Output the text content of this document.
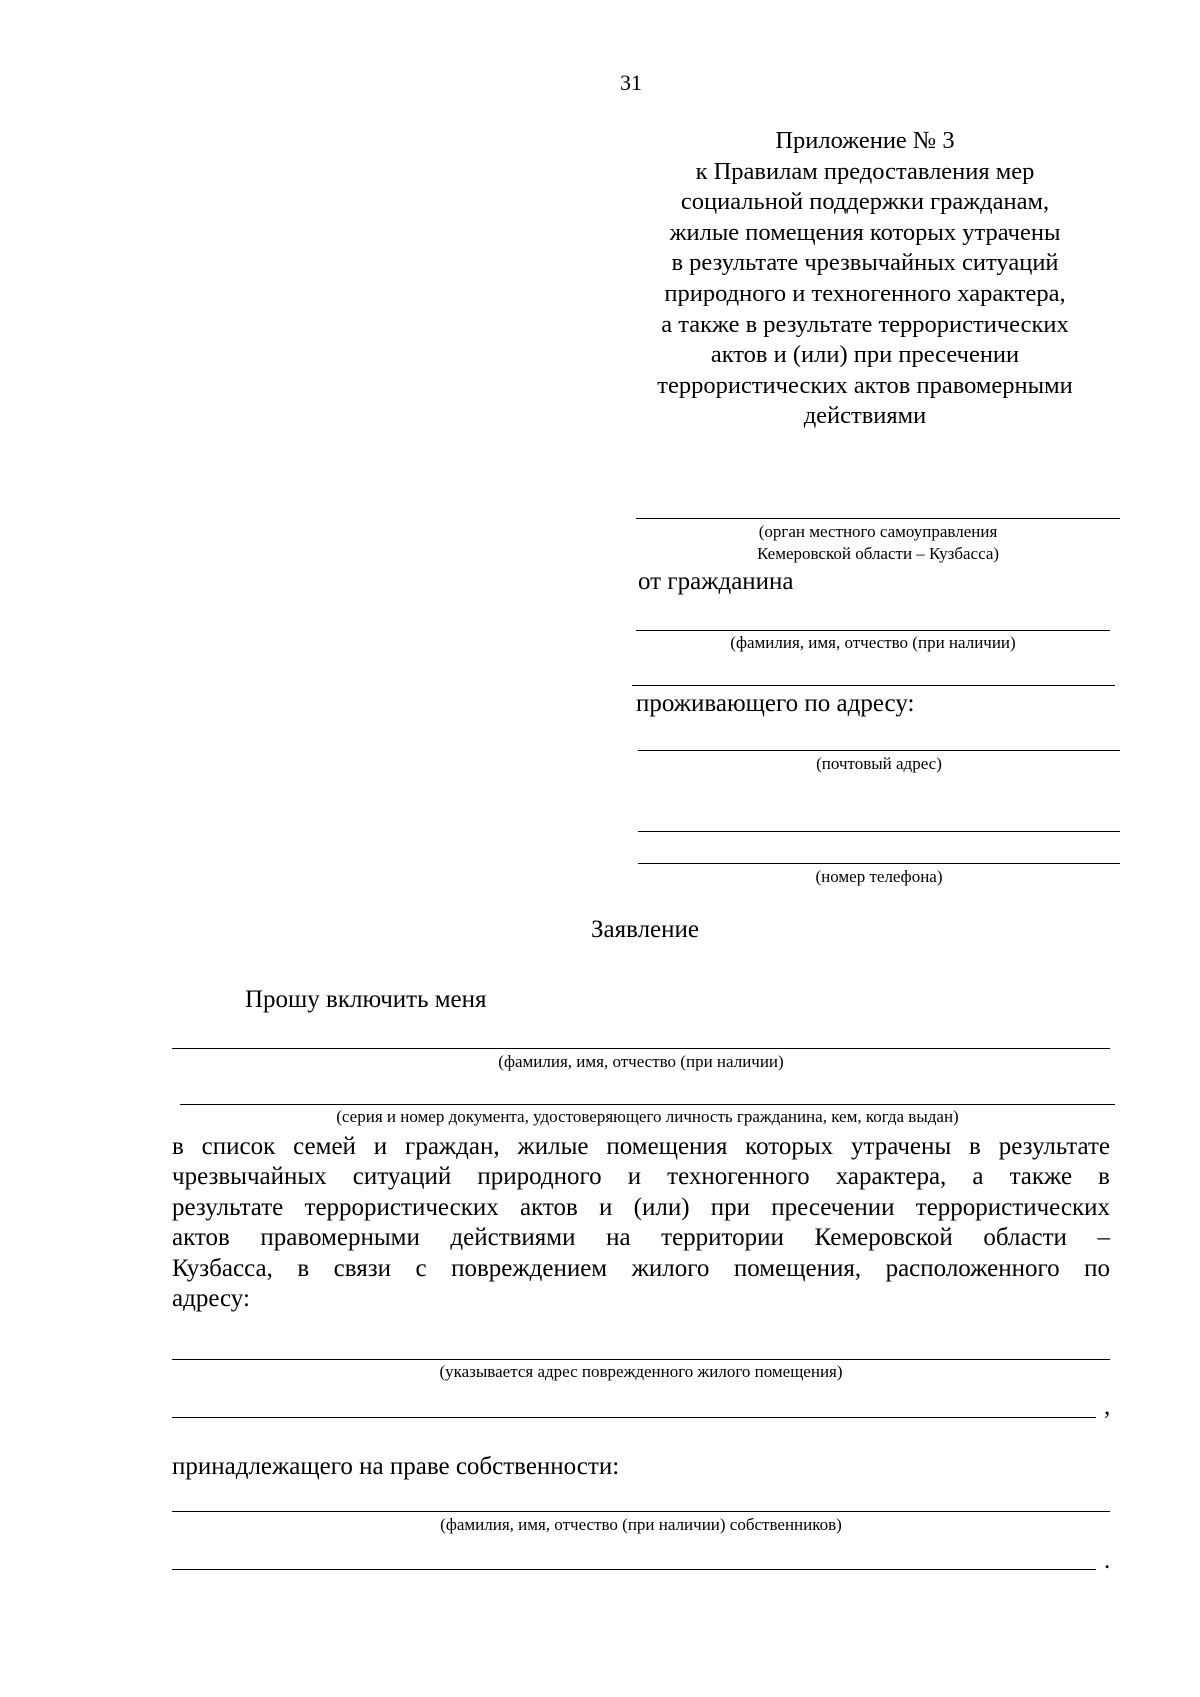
31
Приложение № 3
к Правилам предоставления мер
социальной поддержки гражданам,
жилые помещения которых утрачены
в результате чрезвычайных ситуаций
природного и техногенного характера,
а также в результате террористических
актов и (или) при пресечении
террористических актов правомерными
действиями
(орган местного самоуправления
Кемеровской области – Кузбасса)
от гражданина
(фамилия, имя, отчество (при наличии)
проживающего по адресу:
(почтовый адрес)
(номер телефона)
Заявление
Прошу включить меня
(фамилия, имя, отчество (при наличии)
(серия и номер документа, удостоверяющего личность гражданина, кем, когда выдан)
в список семей и граждан, жилые помещения которых утрачены в результате
чрезвычайных ситуаций природного и техногенного характера, а также в
результате террористических актов и (или) при пресечении террористических
актов правомерными действиями на территории Кемеровской области –
Кузбасса, в связи с повреждением жилого помещения, расположенного по
адресу:
(указывается адрес поврежденного жилого помещения)
,
принадлежащего на праве собственности:
(фамилия, имя, отчество (при наличии) собственников)
.
